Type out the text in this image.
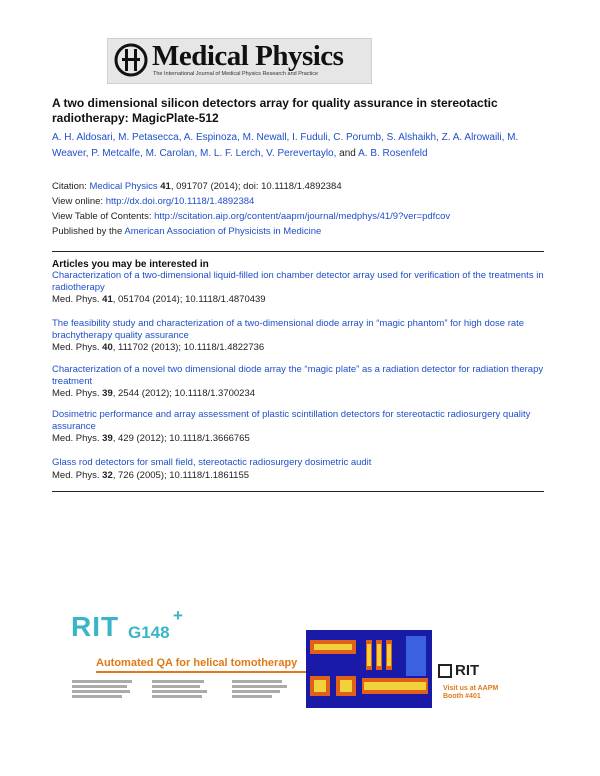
Medical Physics
The International Journal of Medical Physics Research and Practice
A two dimensional silicon detectors array for quality assurance in stereotactic radiotherapy: MagicPlate-512
A. H. Aldosari, M. Petasecca, A. Espinoza, M. Newall, I. Fuduli, C. Porumb, S. Alshaikh, Z. A. Alrowaili, M. Weaver, P. Metcalfe, M. Carolan, M. L. F. Lerch, V. Perevertaylo, and A. B. Rosenfeld
Citation: Medical Physics 41, 091707 (2014); doi: 10.1118/1.4892384
View online: http://dx.doi.org/10.1118/1.4892384
View Table of Contents: http://scitation.aip.org/content/aapm/journal/medphys/41/9?ver=pdfcov
Published by the American Association of Physicists in Medicine
Articles you may be interested in
Characterization of a two-dimensional liquid-filled ion chamber detector array used for verification of the treatments in radiotherapy
Med. Phys. 41, 051704 (2014); 10.1118/1.4870439
The feasibility study and characterization of a two-dimensional diode array in “magic phantom” for high dose rate brachytherapy quality assurance
Med. Phys. 40, 111702 (2013); 10.1118/1.4822736
Characterization of a novel two dimensional diode array the “magic plate” as a radiation detector for radiation therapy treatment
Med. Phys. 39, 2544 (2012); 10.1118/1.3700234
Dosimetric performance and array assessment of plastic scintillation detectors for stereotactic radiosurgery quality assurance
Med. Phys. 39, 429 (2012); 10.1118/1.3666765
Glass rod detectors for small field, stereotactic radiosurgery dosimetric audit
Med. Phys. 32, 726 (2005); 10.1118/1.1861155
RIT G148
+
Automated QA for helical tomotherapy	RIT
Visit us at AAPM
Booth #401
